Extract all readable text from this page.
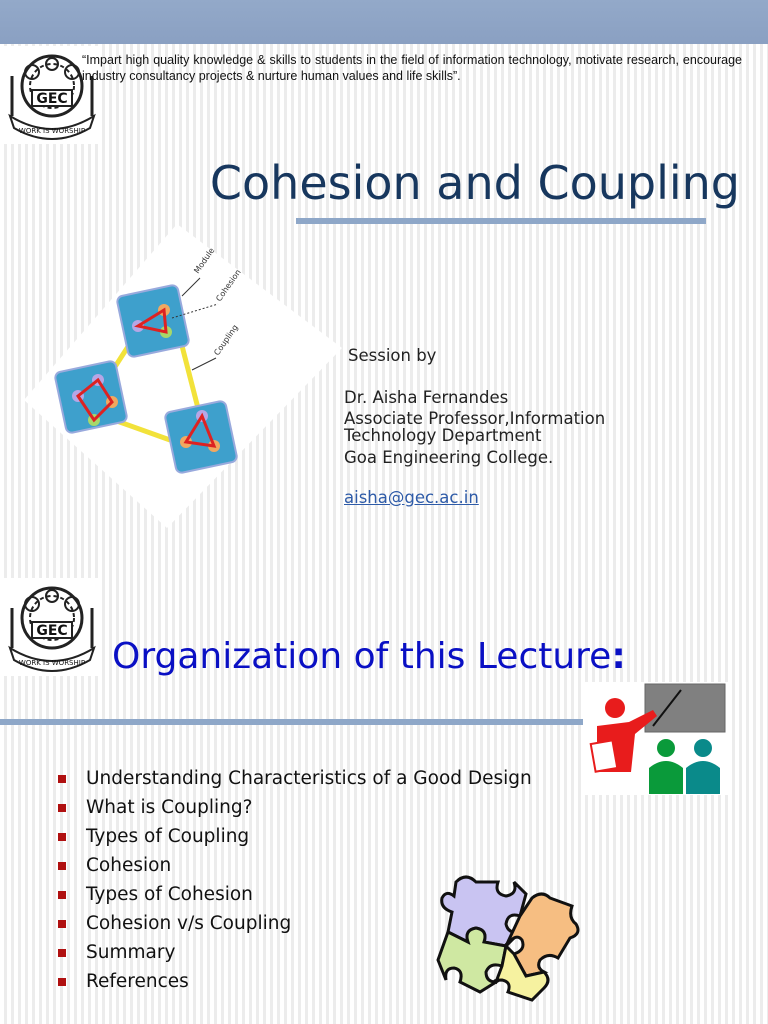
GEC
WORK IS WORSHIP
“Impart high quality knowledge & skills to students in the field of information technology, motivate research, encourage industry consultancy projects & nurture human values and life skills”.
Cohesion and Coupling
Module
Cohesion
Coupling	Session by
Dr. Aisha Fernandes
Associate Professor,Information
Technology Department
Goa Engineering College.
aisha@gec.ac.in
GEC
WORK IS WORSHIP Organization of this Lecture:
Understanding Characteristics of a Good Design
What is Coupling?
Types of Coupling
Cohesion
Types of Cohesion
Cohesion v/s Coupling
Summary
References
